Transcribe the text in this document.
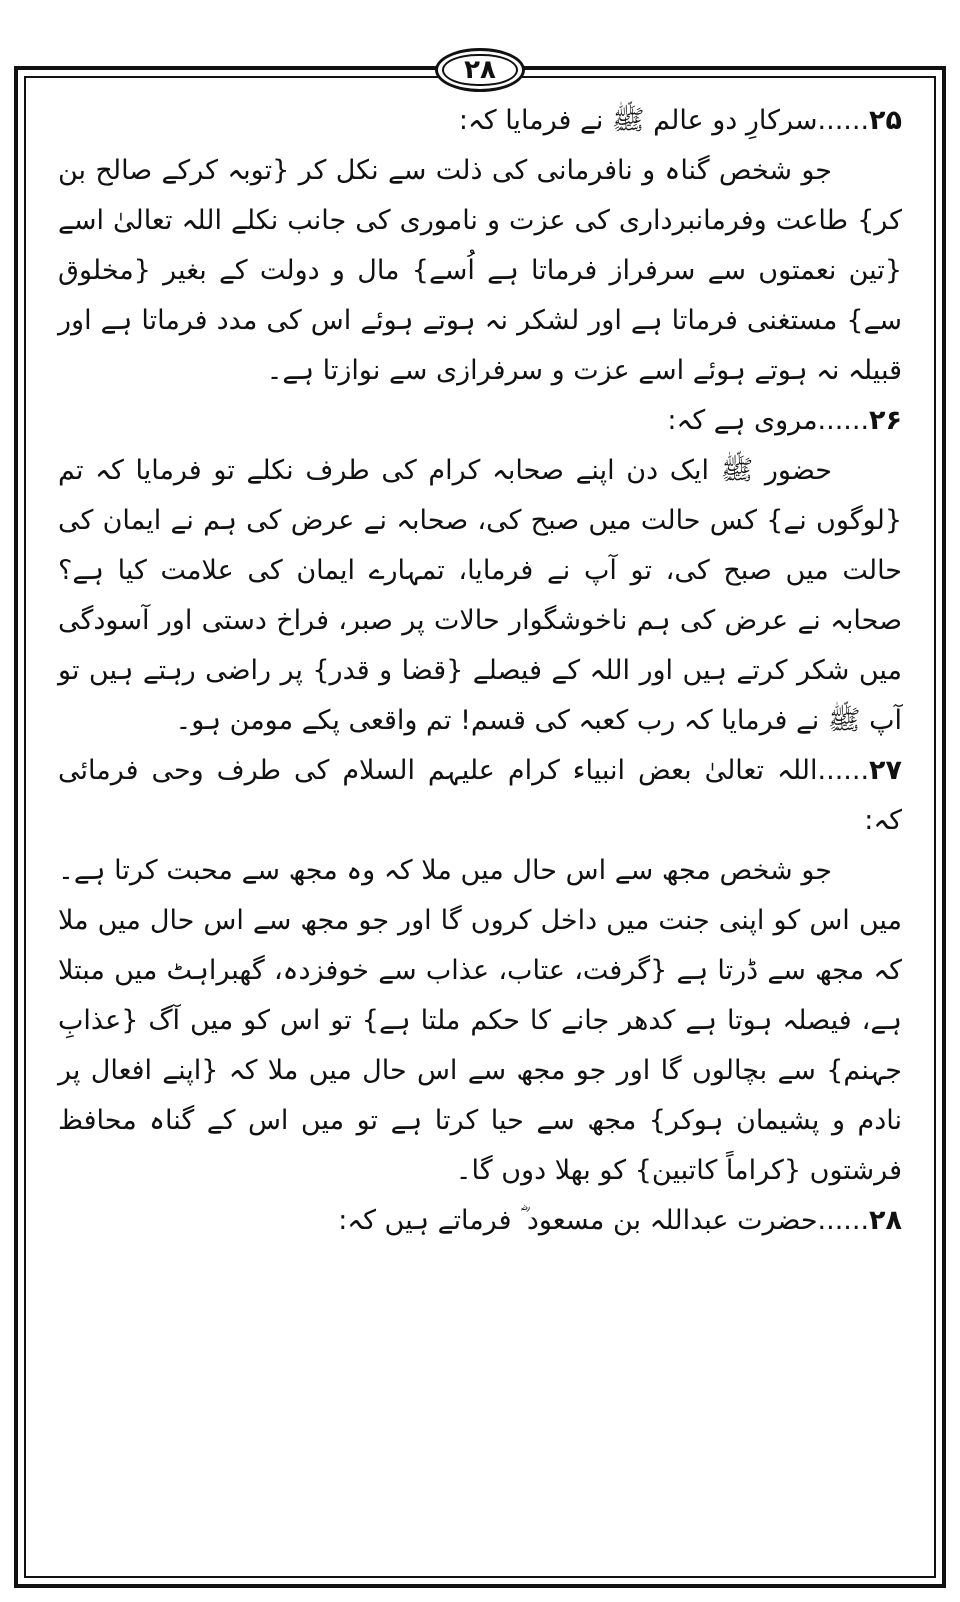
۲۸

۲۵......سرکارِ دو عالم ﷺ نے فرمایا کہ:

جو شخص گناہ و نافرمانی کی ذلت سے نکل کر {توبہ کرکے صالح بن کر} طاعت وفرمانبرداری کی عزت و ناموری کی جانب نکلے اللہ تعالیٰ اسے {تین نعمتوں سے سرفراز فرماتا ہے اُسے} مال و دولت کے بغیر {مخلوق سے} مستغنی فرماتا ہے اور لشکر نہ ہوتے ہوئے اس کی مدد فرماتا ہے اور قبیلہ نہ ہوتے ہوئے اسے عزت و سرفرازی سے نوازتا ہے۔

۲۶......مروی ہے کہ:

حضور ﷺ ایک دن اپنے صحابہ کرام کی طرف نکلے تو فرمایا کہ تم {لوگوں نے} کس حالت میں صبح کی، صحابہ نے عرض کی ہم نے ایمان کی حالت میں صبح کی، تو آپ نے فرمایا، تمہارے ایمان کی علامت کیا ہے؟ صحابہ نے عرض کی ہم ناخوشگوار حالات پر صبر، فراخ دستی اور آسودگی میں شکر کرتے ہیں اور اللہ کے فیصلے {قضا و قدر} پر راضی رہتے ہیں تو آپ ﷺ نے فرمایا کہ رب کعبہ کی قسم! تم واقعی پکے مومن ہو۔

۲۷......اللہ تعالیٰ بعض انبیاء کرام علیہم السلام کی طرف وحی فرمائی کہ:

جو شخص مجھ سے اس حال میں ملا کہ وہ مجھ سے محبت کرتا ہے۔ میں اس کو اپنی جنت میں داخل کروں گا اور جو مجھ سے اس حال میں ملا کہ مجھ سے ڈرتا ہے {گرفت، عتاب، عذاب سے خوفزدہ، گھبراہٹ میں مبتلا ہے، فیصلہ ہوتا ہے کدھر جانے کا حکم ملتا ہے} تو اس کو میں آگ {عذابِ جہنم} سے بچالوں گا اور جو مجھ سے اس حال میں ملا کہ {اپنے افعال پر نادم و پشیمان ہوکر} مجھ سے حیا کرتا ہے تو میں اس کے گناہ محافظ فرشتوں {کراماً کاتبین} کو بھلا دوں گا۔

۲۸......حضرت عبداللہ بن مسعود ؓ فرماتے ہیں کہ:
